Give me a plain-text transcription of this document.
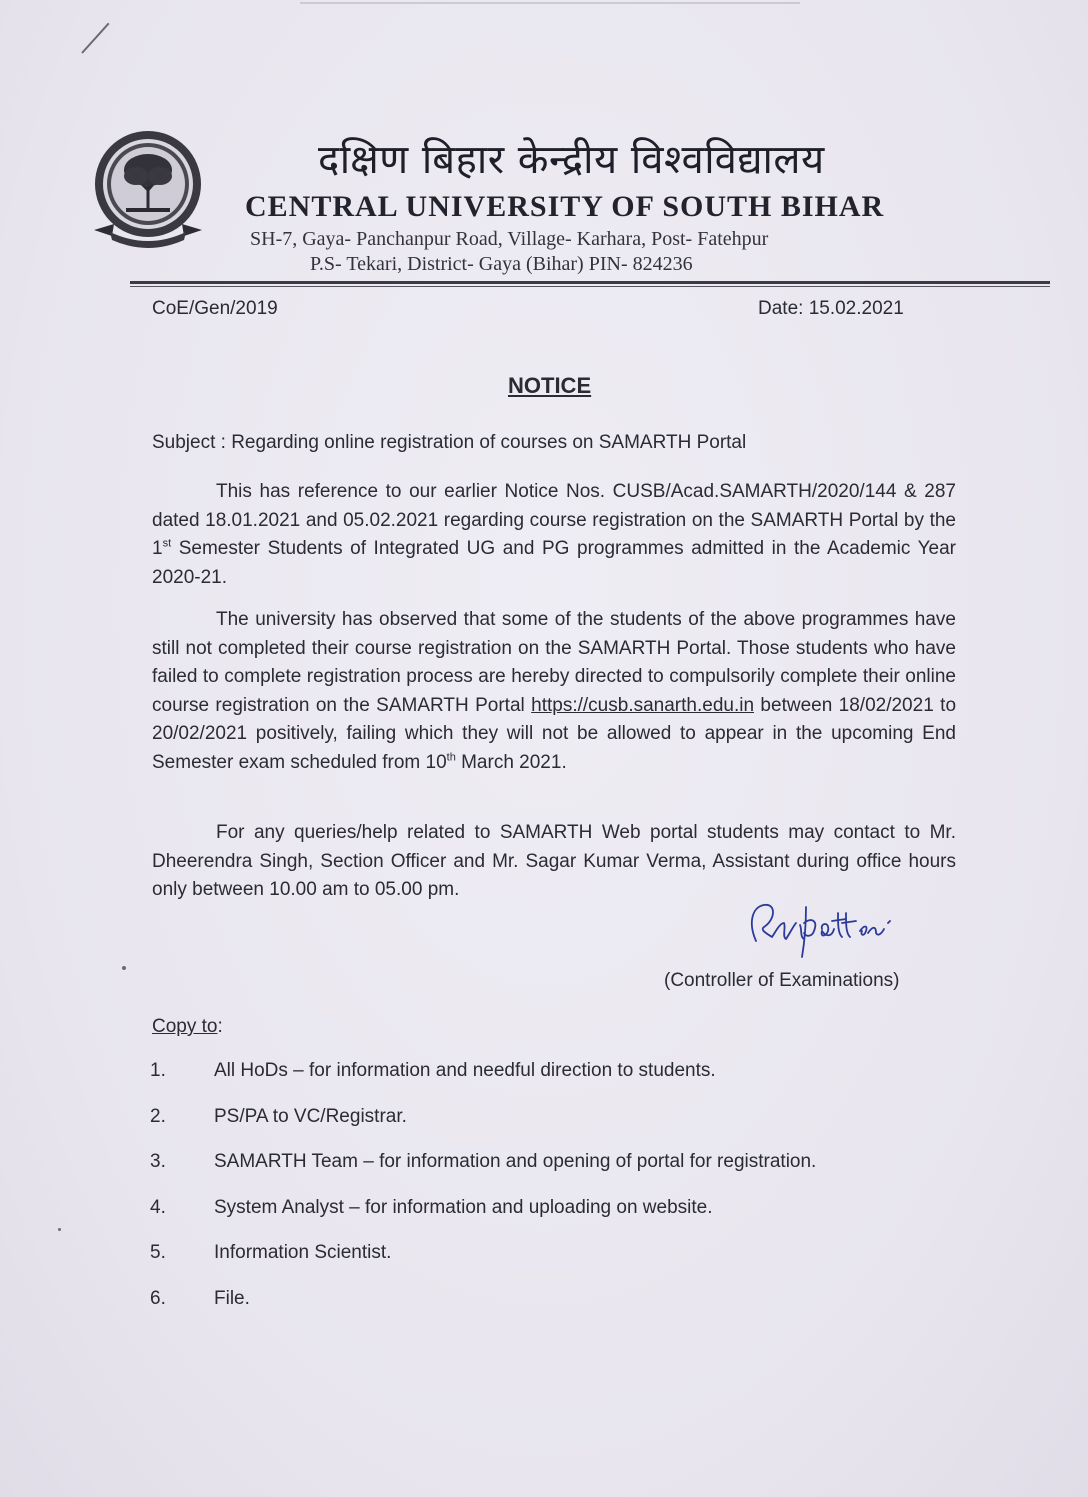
दक्षिण बिहार केन्द्रीय विश्वविद्यालय
CENTRAL UNIVERSITY OF SOUTH BIHAR
SH-7, Gaya- Panchanpur Road, Village- Karhara, Post- Fatehpur
P.S- Tekari, District- Gaya (Bihar) PIN- 824236
CoE/Gen/2019	Date: 15.02.2021
NOTICE
Subject : Regarding online registration of courses on SAMARTH Portal

This has reference to our earlier Notice Nos. CUSB/Acad.SAMARTH/2020/144 & 287 dated 18.01.2021 and 05.02.2021 regarding course registration on the SAMARTH Portal by the 1st Semester Students of Integrated UG and PG programmes admitted in the Academic Year 2020-21.

The university has observed that some of the students of the above programmes have still not completed their course registration on the SAMARTH Portal. Those students who have failed to complete registration process are hereby directed to compulsorily complete their online course registration on the SAMARTH Portal https://cusb.sanarth.edu.in between 18/02/2021 to 20/02/2021 positively, failing which they will not be allowed to appear in the upcoming End Semester exam scheduled from 10th March 2021.

For any queries/help related to SAMARTH Web portal students may contact to Mr. Dheerendra Singh, Section Officer and Mr. Sagar Kumar Verma, Assistant during office hours only between 10.00 am to 05.00 pm.

(Controller of Examinations)
Copy to:
1.	All HoDs – for information and needful direction to students.
2.	PS/PA to VC/Registrar.
3.	SAMARTH Team – for information and opening of portal for registration.
4.	System Analyst – for information and uploading on website.
5.	Information Scientist.
6.	File.
